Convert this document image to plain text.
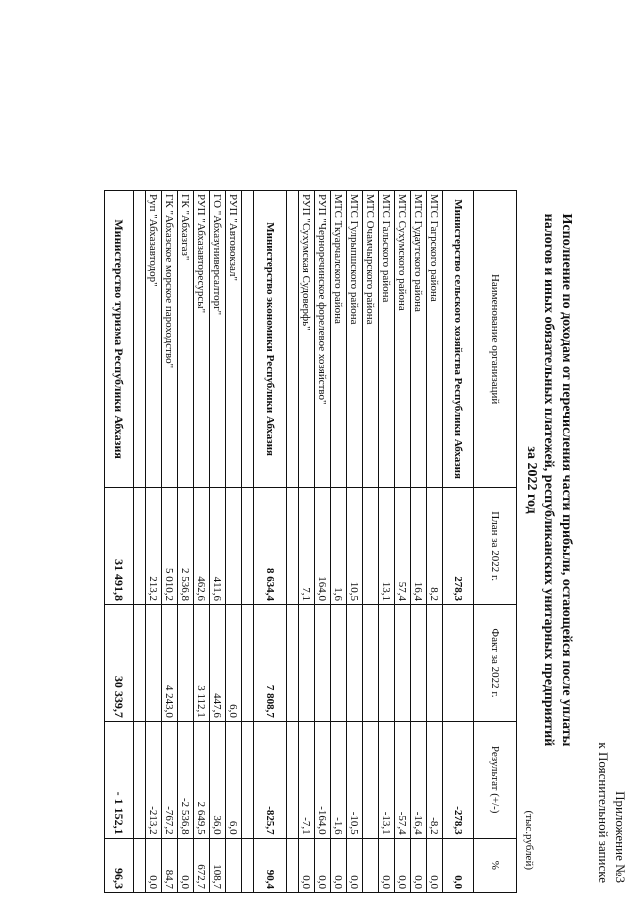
Приложение №3
к Пояснительной записке
Исполнение по доходам от перечисления части прибыли, остающейся после уплаты
налогов и иных обязательных платежей, республиканских унитарных предприятий
за 2022 год
(тыс.рублей)
Наименование организаций	План за 2022 г.	Факт за 2022 г.	Результат (+/-)	%
Министерство сельского хозяйства Республики Абхазия	278,3		-278,3	0,0
МТС Гагрского района	8,2		-8,2	0,0
МТС Гудаутского района	16,4		-16,4	0,0
МТС Сухумского района	57,4		-57,4	0,0
МТС Гальского района	13,1		-13,1	0,0
МТС Очамчырского района				
МТС Гулрыпшского района	10,5		-10,5	0,0
МТС Ткуарчалского района	1,6		-1,6	0,0
РУП "Черноречинское форелевое хозяйство"	164,0		-164,0	0,0
РУП "Сухумская Судоверфь"	7,1		-7,1	0,0

Министерство экономики Республики Абхазия	8 634,4	7 808,7	-825,7	90,4

РУП "Автовокзал"		6,0	6,0	
ГО "Абхазуниверсалторг"	411,6	447,6	36,0	108,7
РУП "Абхазавторесурсы"	462,6	3 112,1	2 649,5	672,7
ГК "Абхазгаз"	2 536,8		-2 536,8	0,0
ГК "Абхазское морское пароходство"	5 010,2	4 243,0	-767,2	84,7
Руп "Абхазавтодор"	213,2		-213,2	0,0

Министерство туризма Республики Абхазия	31 491,8	30 339,7	- 1 152,1	96,3
